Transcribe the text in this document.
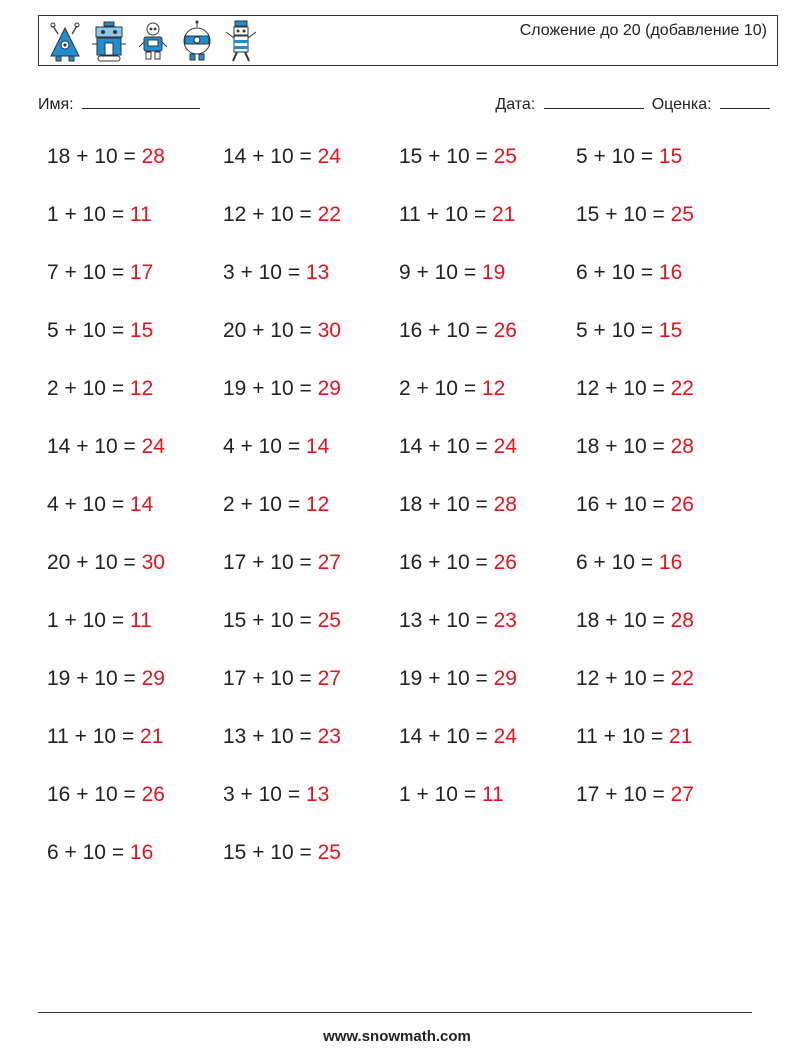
Сложение до 20 (добавление 10)
Имя:	Дата:	Оценка:
18 + 10 = 28	14 + 10 = 24	15 + 10 = 25	5 + 10 = 15
1 + 10 = 11	12 + 10 = 22	11 + 10 = 21	15 + 10 = 25
7 + 10 = 17	3 + 10 = 13	9 + 10 = 19	6 + 10 = 16
5 + 10 = 15	20 + 10 = 30	16 + 10 = 26	5 + 10 = 15
2 + 10 = 12	19 + 10 = 29	2 + 10 = 12	12 + 10 = 22
14 + 10 = 24	4 + 10 = 14	14 + 10 = 24	18 + 10 = 28
4 + 10 = 14	2 + 10 = 12	18 + 10 = 28	16 + 10 = 26
20 + 10 = 30	17 + 10 = 27	16 + 10 = 26	6 + 10 = 16
1 + 10 = 11	15 + 10 = 25	13 + 10 = 23	18 + 10 = 28
19 + 10 = 29	17 + 10 = 27	19 + 10 = 29	12 + 10 = 22
11 + 10 = 21	13 + 10 = 23	14 + 10 = 24	11 + 10 = 21
16 + 10 = 26	3 + 10 = 13	1 + 10 = 11	17 + 10 = 27
6 + 10 = 16	15 + 10 = 25
www.snowmath.com
